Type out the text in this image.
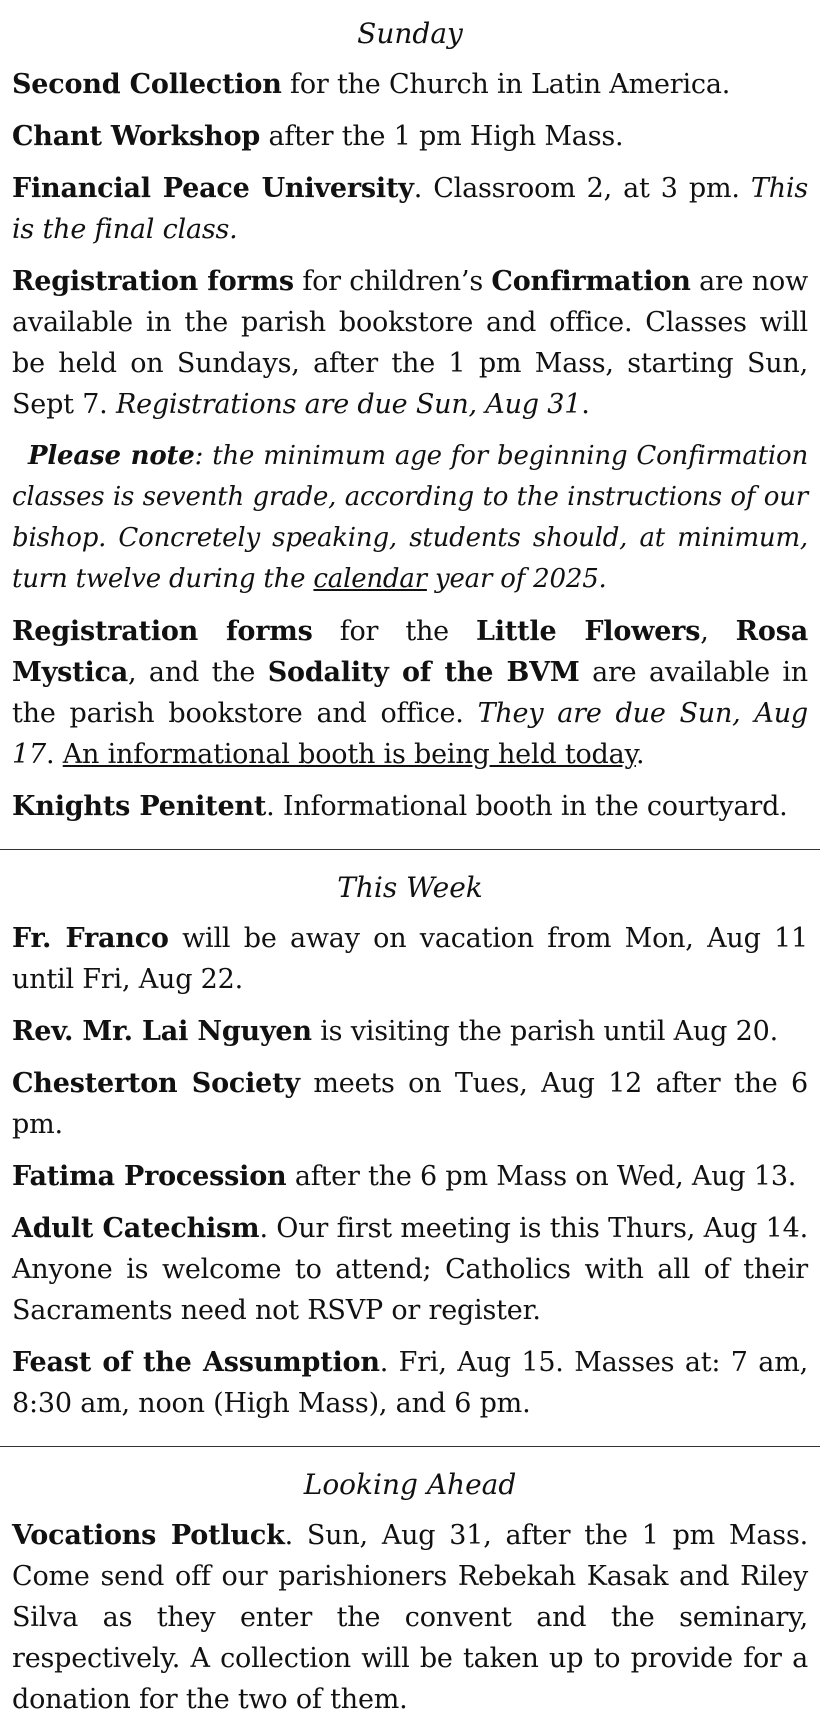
Sunday

Second Collection for the Church in Latin America.

Chant Workshop after the 1 pm High Mass.

Financial Peace University. Classroom 2, at 3 pm. This is the final class.

Registration forms for children’s Confirmation are now available in the parish bookstore and office. Classes will be held on Sundays, after the 1 pm Mass, starting Sun, Sept 7. Registrations are due Sun, Aug 31.

Please note: the minimum age for beginning Confirmation classes is seventh grade, according to the instructions of our bishop. Concretely speaking, students should, at minimum, turn twelve during the calendar year of 2025.

Registration forms for the Little Flowers, Rosa Mystica, and the Sodality of the BVM are available in the parish bookstore and office. They are due Sun, Aug 17. An informational booth is being held today.

Knights Penitent. Informational booth in the courtyard.

This Week

Fr. Franco will be away on vacation from Mon, Aug 11 until Fri, Aug 22.

Rev. Mr. Lai Nguyen is visiting the parish until Aug 20.

Chesterton Society meets on Tues, Aug 12 after the 6 pm.

Fatima Procession after the 6 pm Mass on Wed, Aug 13.

Adult Catechism. Our first meeting is this Thurs, Aug 14. Anyone is welcome to attend; Catholics with all of their Sacraments need not RSVP or register.

Feast of the Assumption. Fri, Aug 15. Masses at: 7 am, 8:30 am, noon (High Mass), and 6 pm.

Looking Ahead

Vocations Potluck. Sun, Aug 31, after the 1 pm Mass. Come send off our parishioners Rebekah Kasak and Riley Silva as they enter the convent and the seminary, respectively. A collection will be taken up to provide for a donation for the two of them.
